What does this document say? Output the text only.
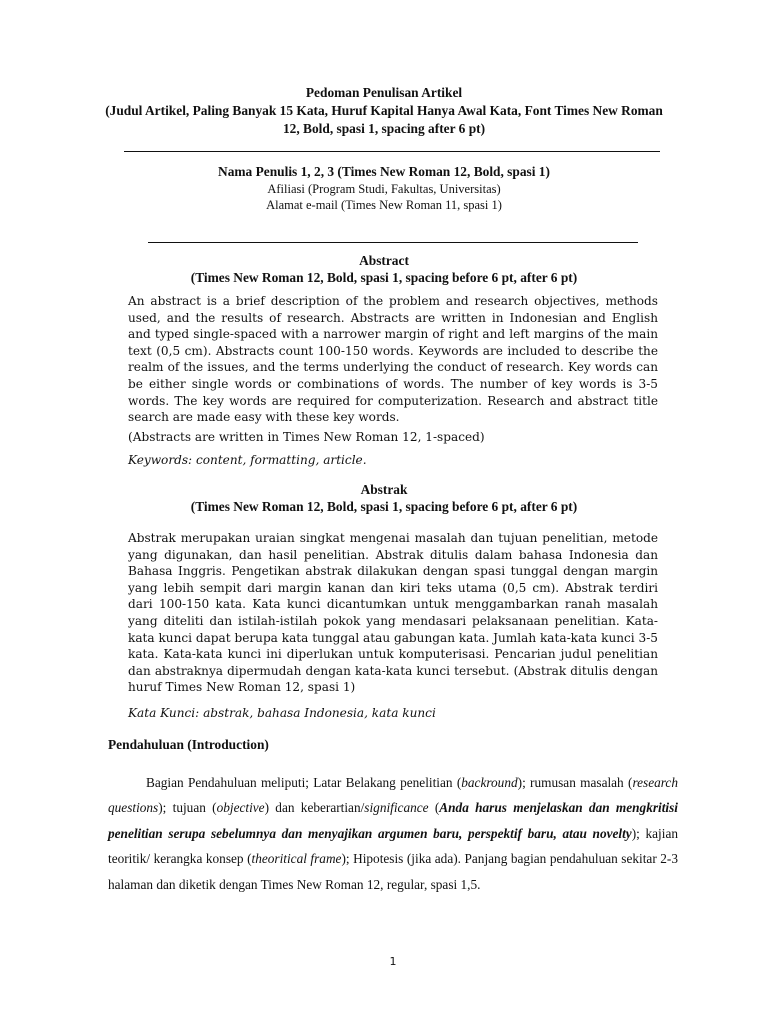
Pedoman Penulisan Artikel
(Judul Artikel, Paling Banyak 15 Kata, Huruf Kapital Hanya Awal Kata, Font Times New Roman 12, Bold, spasi 1, spacing after 6 pt)
Nama Penulis 1, 2, 3 (Times New Roman 12, Bold, spasi 1)
Afiliasi (Program Studi, Fakultas, Universitas)
Alamat e-mail (Times New Roman 11, spasi 1)
Abstract
(Times New Roman 12, Bold, spasi 1, spacing before 6 pt, after 6 pt)

An abstract is a brief description of the problem and research objectives, methods used, and the results of research. Abstracts are written in Indonesian and English and typed single-spaced with a narrower margin of right and left margins of the main text (0,5 cm). Abstracts count 100-150 words. Keywords are included to describe the realm of the issues, and the terms underlying the conduct of research. Key words can be either single words or combinations of words. The number of key words is 3-5 words. The key words are required for computerization. Research and abstract title search are made easy with these key words.

(Abstracts are written in Times New Roman 12, 1-spaced)
Keywords: content, formatting, article.
Abstrak
(Times New Roman 12, Bold, spasi 1, spacing before 6 pt, after 6 pt)

Abstrak merupakan uraian singkat mengenai masalah dan tujuan penelitian, metode yang digunakan, dan hasil penelitian. Abstrak ditulis dalam bahasa Indonesia dan Bahasa Inggris. Pengetikan abstrak dilakukan dengan spasi tunggal dengan margin yang lebih sempit dari margin kanan dan kiri teks utama (0,5 cm). Abstrak terdiri dari 100-150 kata. Kata kunci dicantumkan untuk menggambarkan ranah masalah yang diteliti dan istilah-istilah pokok yang mendasari pelaksanaan penelitian. Kata-kata kunci dapat berupa kata tunggal atau gabungan kata. Jumlah kata-kata kunci 3-5 kata. Kata-kata kunci ini diperlukan untuk komputerisasi. Pencarian judul penelitian dan abstraknya dipermudah dengan kata-kata kunci tersebut. (Abstrak ditulis dengan huruf Times New Roman 12, spasi 1)

Kata Kunci: abstrak, bahasa Indonesia, kata kunci
Pendahuluan (Introduction)

Bagian Pendahuluan meliputi; Latar Belakang penelitian (backround); rumusan masalah (research questions); tujuan (objective) dan keberartian/significance (Anda harus menjelaskan dan mengkritisi penelitian serupa sebelumnya dan menyajikan argumen baru, perspektif baru, atau novelty); kajian teoritik/ kerangka konsep (theoritical frame); Hipotesis (jika ada). Panjang bagian pendahuluan sekitar 2-3 halaman dan diketik dengan Times New Roman 12, regular, spasi 1,5.

1
